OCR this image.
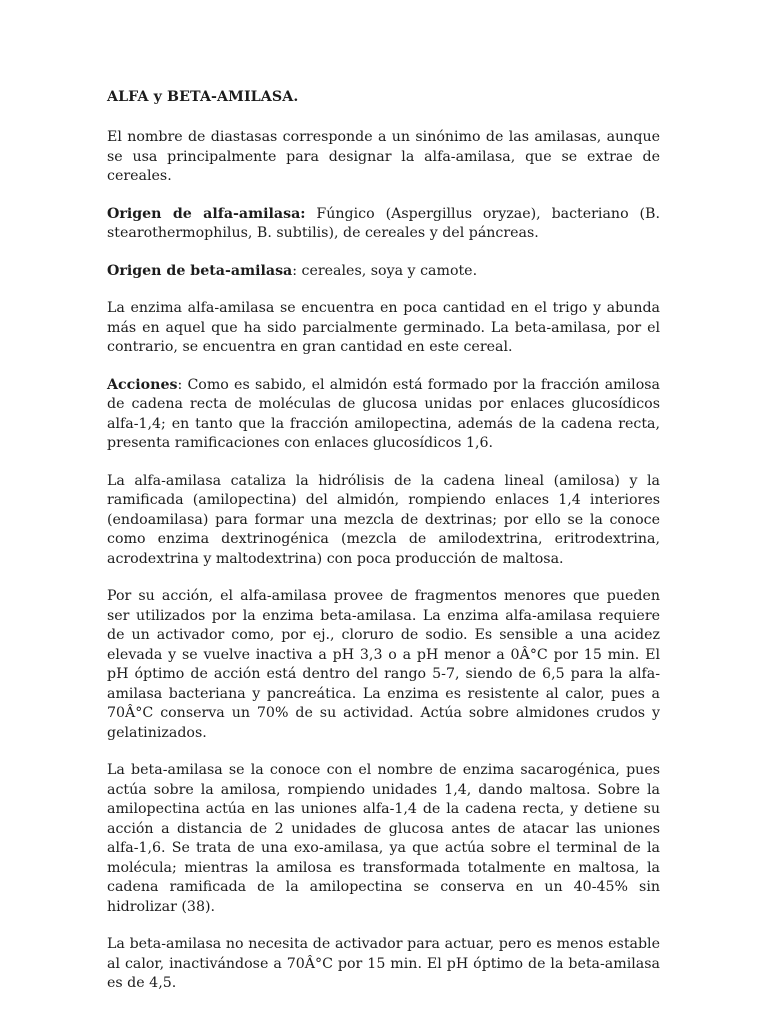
ALFA y BETA-AMILASA.

El nombre de diastasas corresponde a un sinónimo de las amilasas, aunque se usa principalmente para designar la alfa-amilasa, que se extrae de cereales.

Origen de alfa-amilasa: Fúngico (Aspergillus oryzae), bacteriano (B. stearothermophilus, B. subtilis), de cereales y del páncreas.

Origen de beta-amilasa: cereales, soya y camote.

La enzima alfa-amilasa se encuentra en poca cantidad en el trigo y abunda más en aquel que ha sido parcialmente germinado. La beta-amilasa, por el contrario, se encuentra en gran cantidad en este cereal.

Acciones: Como es sabido, el almidón está formado por la fracción amilosa de cadena recta de moléculas de glucosa unidas por enlaces glucosídicos alfa-1,4; en tanto que la fracción amilopectina, además de la cadena recta, presenta ramificaciones con enlaces glucosídicos 1,6.

La alfa-amilasa cataliza la hidrólisis de la cadena lineal (amilosa) y la ramificada (amilopectina) del almidón, rompiendo enlaces 1,4 interiores (endoamilasa) para formar una mezcla de dextrinas; por ello se la conoce como enzima dextrinogénica (mezcla de amilodextrina, eritrodextrina, acrodextrina y maltodextrina) con poca producción de maltosa.

Por su acción, el alfa-amilasa provee de fragmentos menores que pueden ser utilizados por la enzima beta-amilasa. La enzima alfa-amilasa requiere de un activador como, por ej., cloruro de sodio. Es sensible a una acidez elevada y se vuelve inactiva a pH 3,3 o a pH menor a 0Â°C por 15 min. El pH óptimo de acción está dentro del rango 5-7, siendo de 6,5 para la alfa-amilasa bacteriana y pancreática. La enzima es resistente al calor, pues a 70Â°C conserva un 70% de su actividad. Actúa sobre almidones crudos y gelatinizados.

La beta-amilasa se la conoce con el nombre de enzima sacarogénica, pues actúa sobre la amilosa, rompiendo unidades 1,4, dando maltosa. Sobre la amilopectina actúa en las uniones alfa-1,4 de la cadena recta, y detiene su acción a distancia de 2 unidades de glucosa antes de atacar las uniones alfa-1,6. Se trata de una exo-amilasa, ya que actúa sobre el terminal de la molécula; mientras la amilosa es transformada totalmente en maltosa, la cadena ramificada de la amilopectina se conserva en un 40-45% sin hidrolizar (38).

La beta-amilasa no necesita de activador para actuar, pero es menos estable al calor, inactivándose a 70Â°C por 15 min. El pH óptimo de la beta-amilasa es de 4,5.
